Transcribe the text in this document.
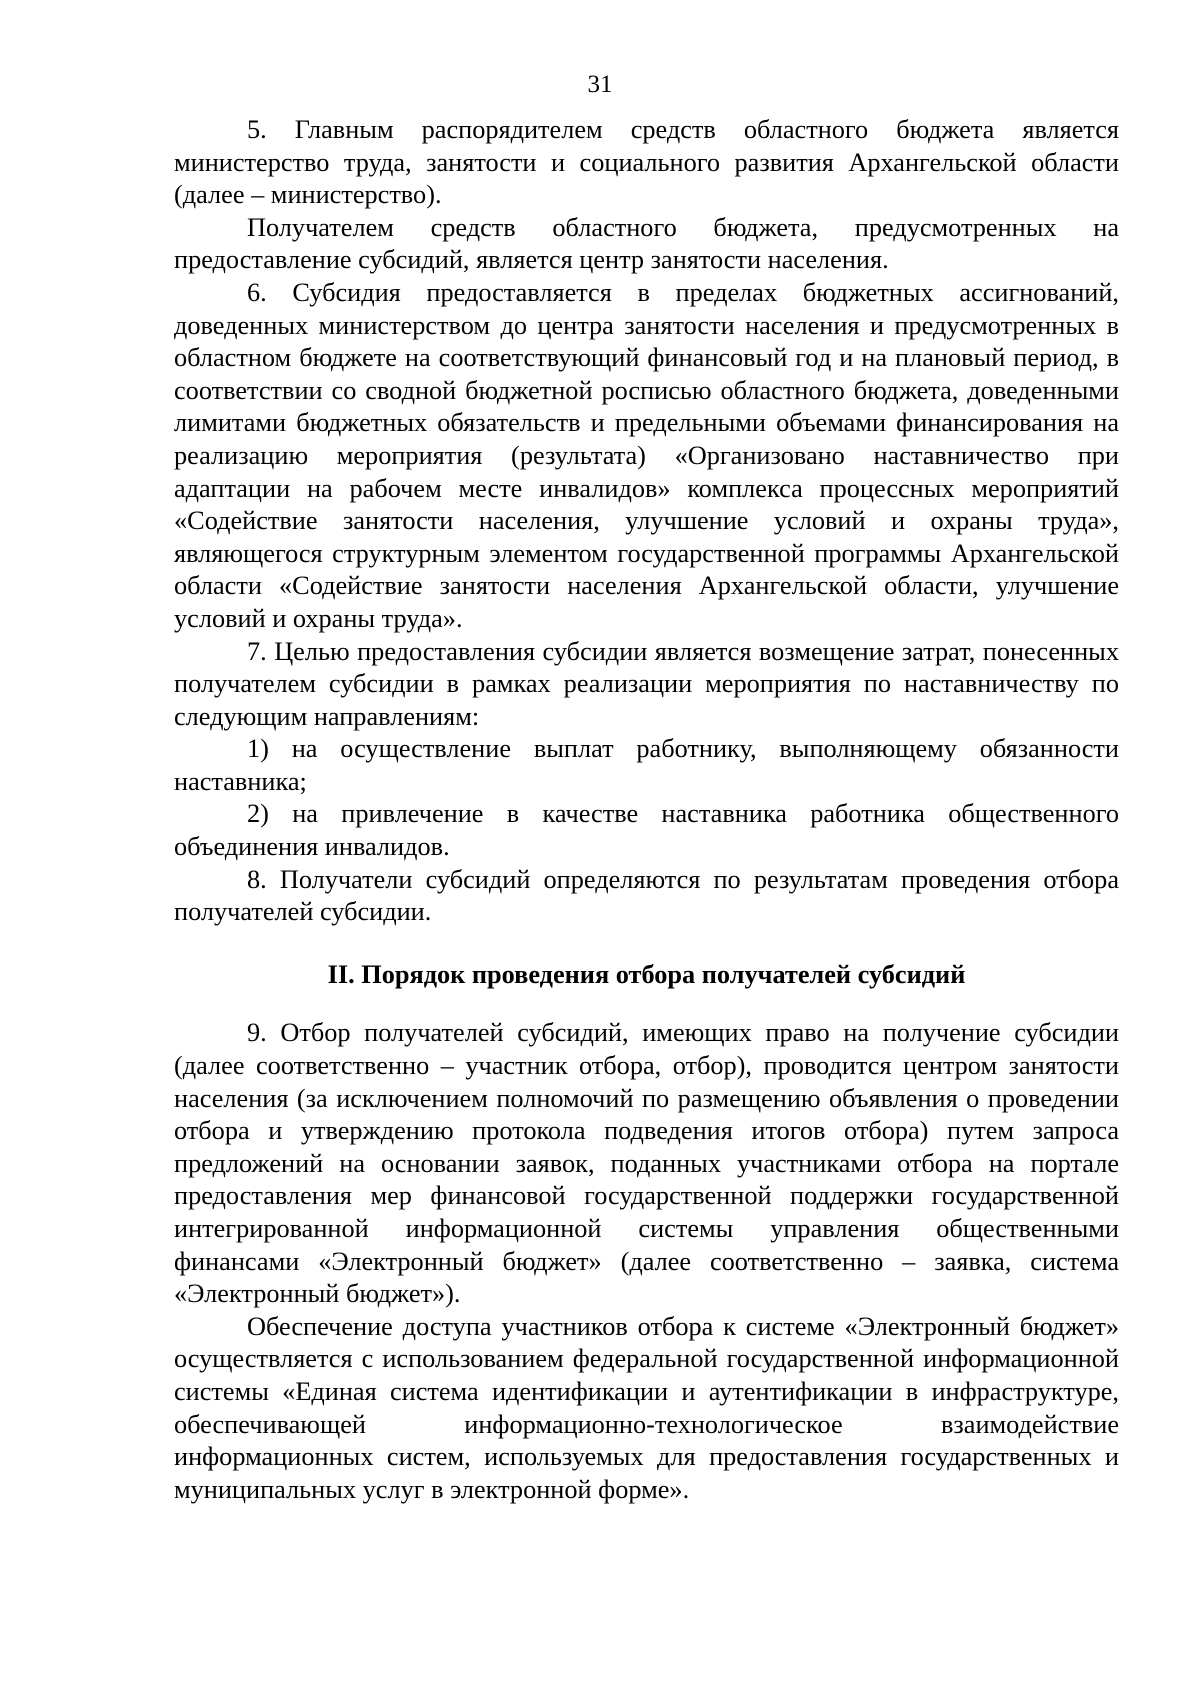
31

5. Главным распорядителем средств областного бюджета является министерство труда, занятости и социального развития Архангельской области (далее – министерство).

Получателем средств областного бюджета, предусмотренных на предоставление субсидий, является центр занятости населения.

6. Субсидия предоставляется в пределах бюджетных ассигнований, доведенных министерством до центра занятости населения и предусмотренных в областном бюджете на соответствующий финансовый год и на плановый период, в соответствии со сводной бюджетной росписью областного бюджета, доведенными лимитами бюджетных обязательств и предельными объемами финансирования на реализацию мероприятия (результата) «Организовано наставничество при адаптации на рабочем месте инвалидов» комплекса процессных мероприятий «Содействие занятости населения, улучшение условий и охраны труда», являющегося структурным элементом государственной программы Архангельской области «Содействие занятости населения Архангельской области, улучшение условий и охраны труда».

7. Целью предоставления субсидии является возмещение затрат, понесенных получателем субсидии в рамках реализации мероприятия по наставничеству по следующим направлениям:

1) на осуществление выплат работнику, выполняющему обязанности наставника;

2) на привлечение в качестве наставника работника общественного объединения инвалидов.

8. Получатели субсидий определяются по результатам проведения отбора получателей субсидии.

II. Порядок проведения отбора получателей субсидий

9. Отбор получателей субсидий, имеющих право на получение субсидии (далее соответственно – участник отбора, отбор), проводится центром занятости населения (за исключением полномочий по размещению объявления о проведении отбора и утверждению протокола подведения итогов отбора) путем запроса предложений на основании заявок, поданных участниками отбора на портале предоставления мер финансовой государственной поддержки государственной интегрированной информационной системы управления общественными финансами «Электронный бюджет» (далее соответственно – заявка, система «Электронный бюджет»).

Обеспечение доступа участников отбора к системе «Электронный бюджет» осуществляется с использованием федеральной государственной информационной системы «Единая система идентификации и аутентификации в инфраструктуре, обеспечивающей информационно-технологическое взаимодействие информационных систем, используемых для предоставления государственных и муниципальных услуг в электронной форме».
